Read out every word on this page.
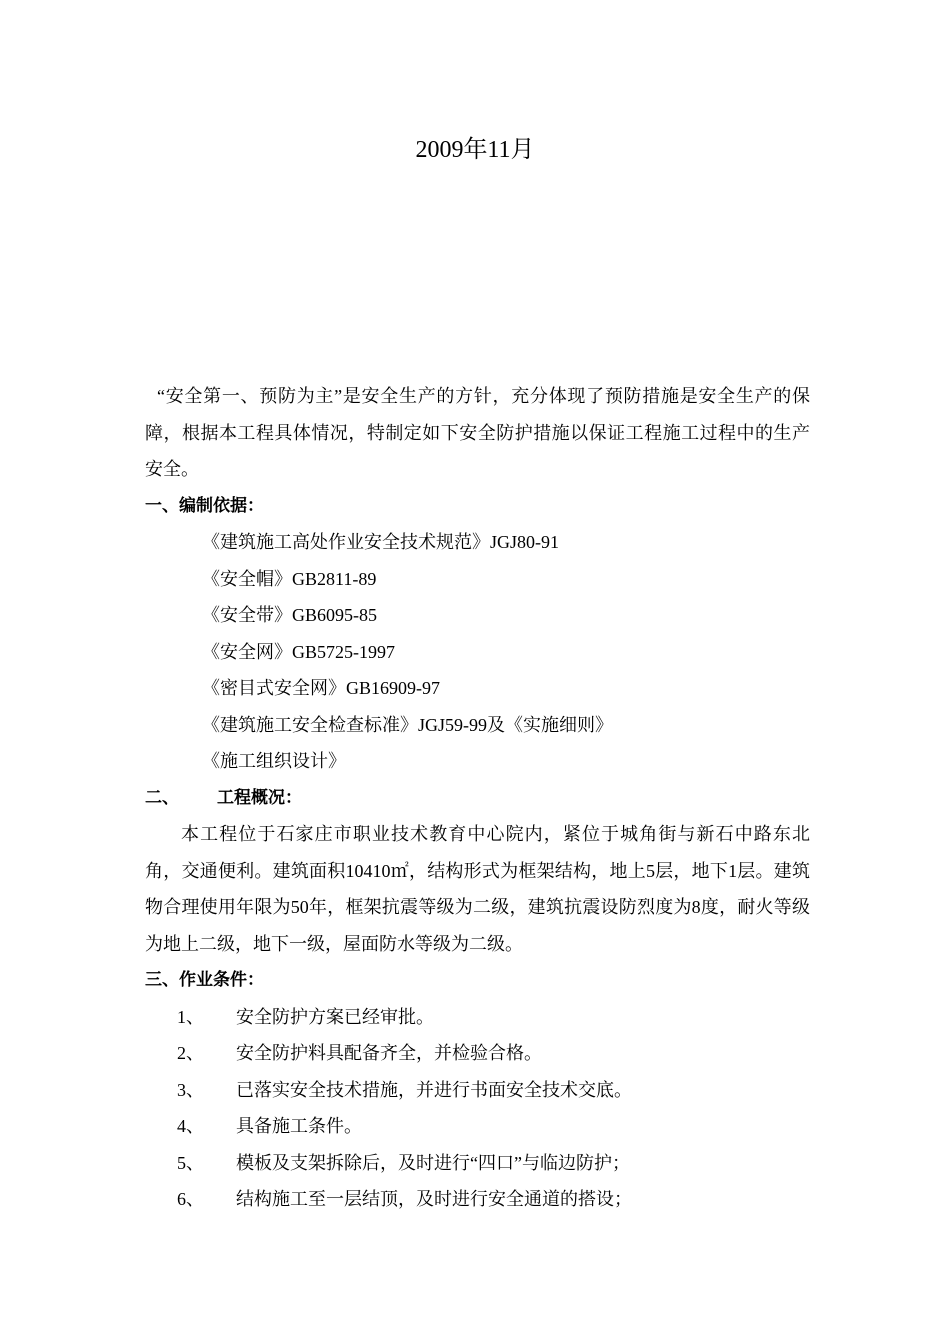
2009年11月

“安全第一、预防为主”是安全生产的方针，充分体现了预防措施是安全生产的保障，根据本工程具体情况，特制定如下安全防护措施以保证工程施工过程中的生产安全。

一、编制依据：

《建筑施工高处作业安全技术规范》JGJ80-91

《安全帽》GB2811-89

《安全带》GB6095-85

《安全网》GB5725-1997

《密目式安全网》GB16909-97

《建筑施工安全检查标准》JGJ59-99及《实施细则》

《施工组织设计》

二、 工程概况：

本工程位于石家庄市职业技术教育中心院内，紧位于城角街与新石中路东北角，交通便利。建筑面积10410㎡，结构形式为框架结构，地上5层，地下1层。建筑物合理使用年限为50年，框架抗震等级为二级，建筑抗震设防烈度为8度，耐火等级为地上二级，地下一级，屋面防水等级为二级。

三、作业条件：

1、 安全防护方案已经审批。

2、 安全防护料具配备齐全，并检验合格。

3、 已落实安全技术措施，并进行书面安全技术交底。

4、 具备施工条件。

5、 模板及支架拆除后，及时进行“四口”与临边防护；

6、 结构施工至一层结顶，及时进行安全通道的搭设；
